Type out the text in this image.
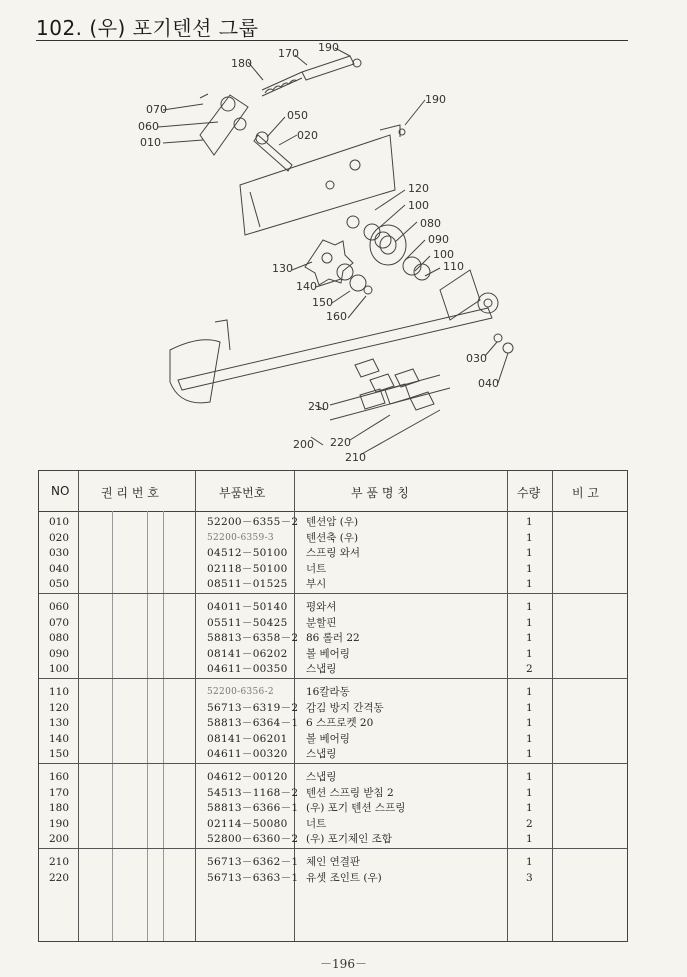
102. (우) 포기텐션 그룹
170 190
180
190
070
060
050
020
010
120
100
080
090
100
110
130
140
150
160
030
040
210
200 220
210
NO	권 리 번 호	부품번호	부 품 명 칭	수량	비 고
010	52200－6355－2 텐션암 (우)	1
020	52200-6359-3	텐션축 (우)	1
030	04512－50100 스프링 와셔	1
040	02118－50100 너트	1
050	08511－01525 부시	1
060	04011－50140 평와셔	1
070	05511－50425 분할핀	1
080	58813－6358－2 86 롤러 22	1
090	08141－06202 볼 베어링	1
100	04611－00350 스냅링	2
110	52200-6356-2	16칼라동	1
120	56713－6319－2 감김 방지 간격동	1
130	58813－6364－1 6 스프로켓 20	1
140	08141－06201 볼 베어링	1
150	04611－00320 스냅링	1
160	04612－00120 스냅링	1
170	54513－1168－2 텐션 스프링 받침 2	1
180	58813－6366－1 (우) 포기 텐션 스프링	1
190	02114－50080 너트	2
200	52800－6360－2 (우) 포기체인 조합	1
210	56713－6362－1 체인 연결판	1
220	56713－6363－1 유셋 조인트 (우)	3
－196－
